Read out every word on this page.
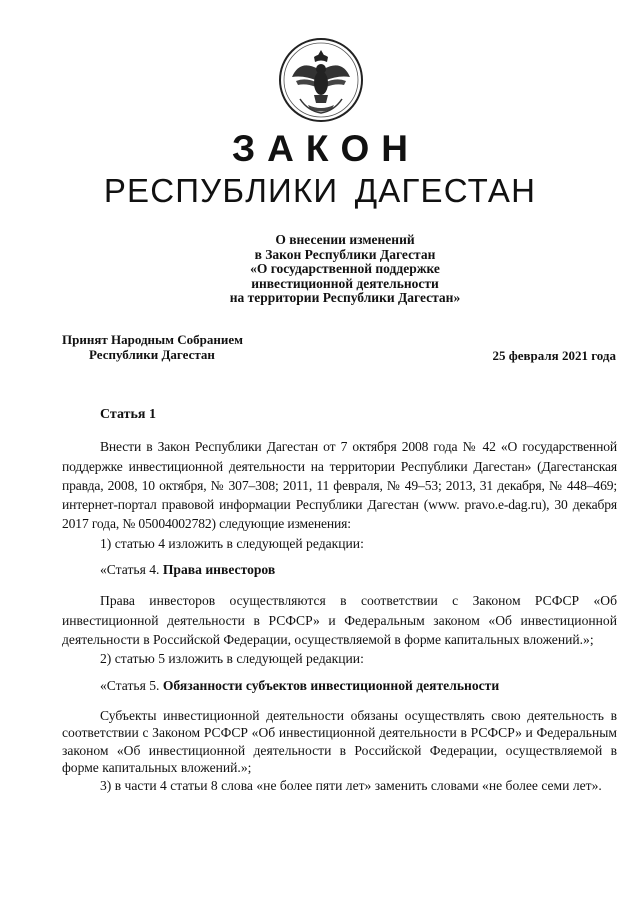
ЗАКОН
РЕСПУБЛИКИ ДАГЕСТАН
О внесении изменений
в Закон Республики Дагестан
«О государственной поддержке
инвестиционной деятельности
на территории Республики Дагестан»
Принят Народным Собранием
Республики Дагестан	25 февраля 2021 года

Статья 1

Внести в Закон Республики Дагестан от 7 октября 2008 года № 42 «О государственной поддержке инвестиционной деятельности на территории Республики Дагестан» (Дагестанская правда, 2008, 10 октября, № 307–308; 2011, 11 февраля, № 49–53; 2013, 31 декабря, № 448–469; интернет-портал правовой информации Республики Дагестан (www. pravo.e-dag.ru), 30 декабря 2017 года, № 05004002782) следующие изменения:

1) статью 4 изложить в следующей редакции:

«Статья 4. Права инвесторов

Права инвесторов осуществляются в соответствии с Законом РСФСР «Об инвестиционной деятельности в РСФСР» и Федеральным законом «Об инвестиционной деятельности в Российской Федерации, осуществляемой в форме капитальных вложений.»;

2) статью 5 изложить в следующей редакции:

«Статья 5. Обязанности субъектов инвестиционной деятельности

Субъекты инвестиционной деятельности обязаны осуществлять свою деятельность в соответствии с Законом РСФСР «Об инвестиционной деятельности в РСФСР» и Федеральным законом «Об инвестиционной деятельности в Российской Федерации, осуществляемой в форме капитальных вложений.»;

3) в части 4 статьи 8 слова «не более пяти лет» заменить словами «не более семи лет».
